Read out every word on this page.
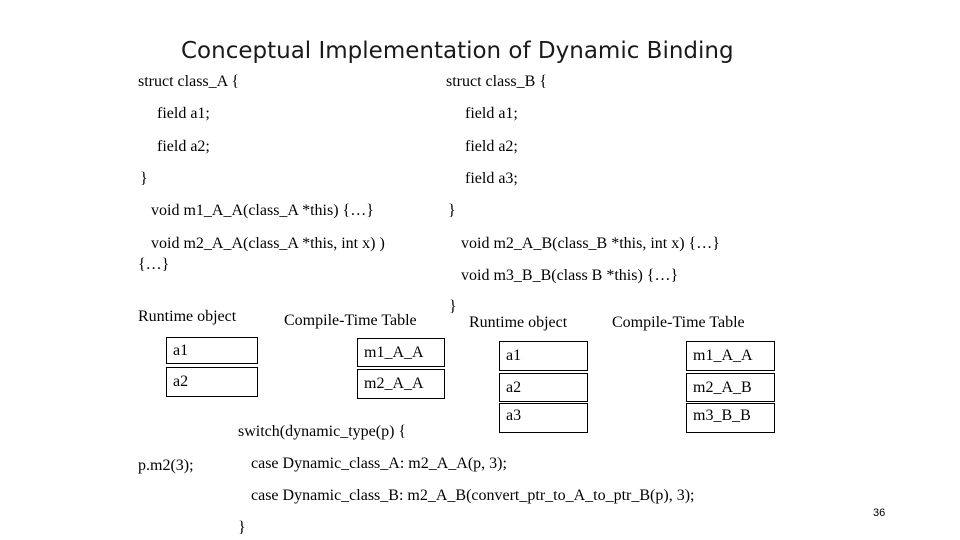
Conceptual Implementation of Dynamic Binding
struct class_A {
field a1;
field a2;
}
void m1_A_A(class_A *this) {…}
void m2_A_A(class_A *this, int x) )
{…}
struct class_B {
field a1;
field a2;
field a3;
}
void m2_A_B(class_B *this, int x) {…}
void m3_B_B(class B *this) {…}
}
Runtime object	Compile-Time Table
a1
a2
m1_A_A
m2_A_A
Runtime object	Compile-Time Table
a1
a2
a3
m1_A_A
m2_A_B
m3_B_B
p.m2(3);
switch(dynamic_type(p) {
case Dynamic_class_A: m2_A_A(p, 3);
case Dynamic_class_B: m2_A_B(convert_ptr_to_A_to_ptr_B(p), 3);
}
36
